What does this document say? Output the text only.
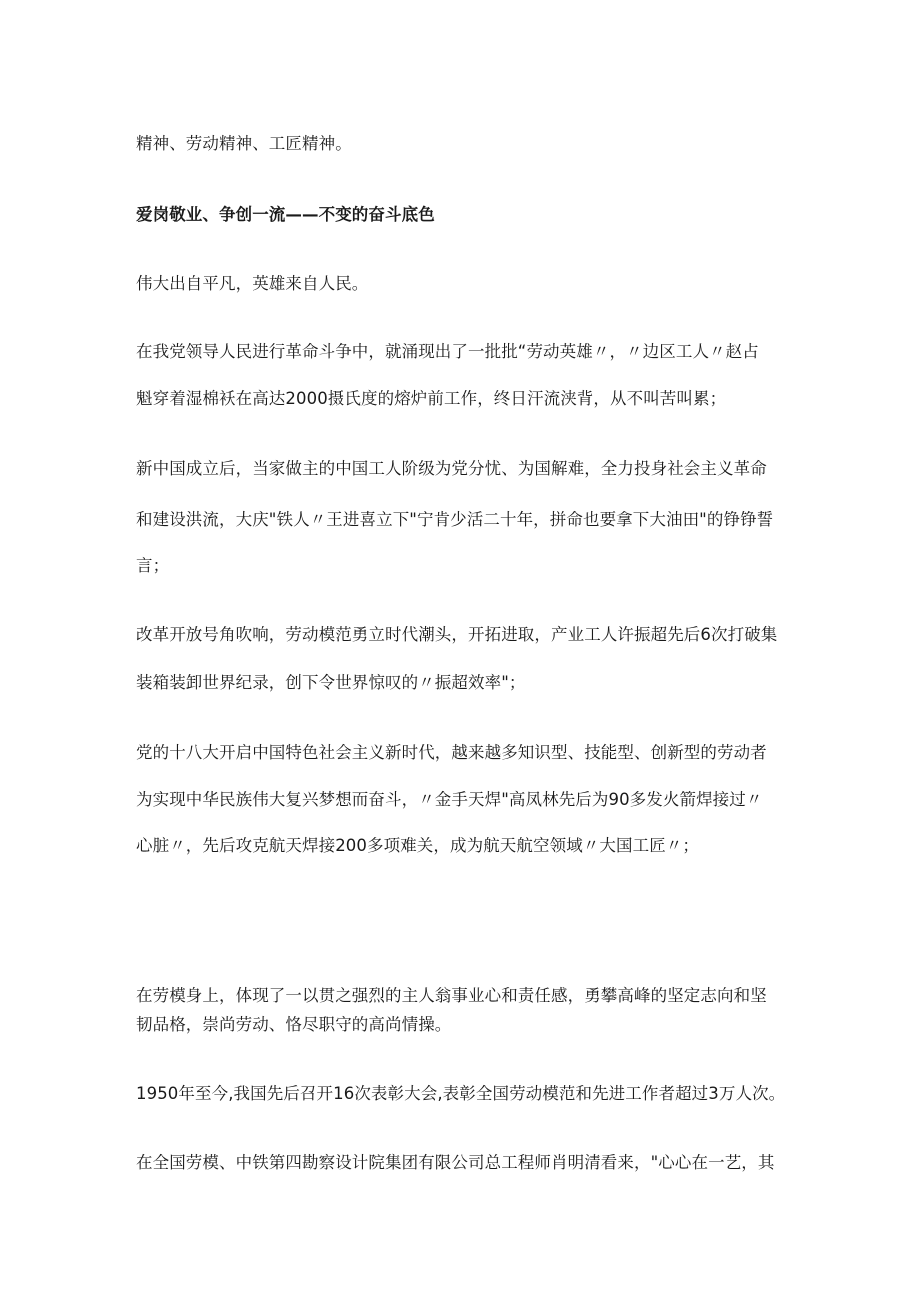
精神、劳动精神、工匠精神。
爱岗敬业、争创一流——不变的奋斗底色
伟大出自平凡，英雄来自人民。
在我党领导人民进行革命斗争中，就涌现出了一批批“劳动英雄〃，〃边区工人〃赵占
魁穿着湿棉袄在高达2000摄氏度的熔炉前工作，终日汗流浃背，从不叫苦叫累；
新中国成立后，当家做主的中国工人阶级为党分忧、为国解难，全力投身社会主义革命
和建设洪流，大庆"铁人〃王进喜立下"宁肯少活二十年，拼命也要拿下大油田"的铮铮誓
言；
改革开放号角吹响，劳动模范勇立时代潮头，开拓进取，产业工人许振超先后6次打破集
装箱装卸世界纪录，创下令世界惊叹的〃振超效率"；
党的十八大开启中国特色社会主义新时代，越来越多知识型、技能型、创新型的劳动者
为实现中华民族伟大复兴梦想而奋斗，〃金手天焊"高凤林先后为90多发火箭焊接过〃
心脏〃，先后攻克航天焊接200多项难关，成为航天航空领域〃大国工匠〃；
在劳模身上，体现了一以贯之强烈的主人翁事业心和责任感，勇攀高峰的坚定志向和坚
韧品格，崇尚劳动、恪尽职守的高尚情操。
1950年至今,我国先后召开16次表彰大会,表彰全国劳动模范和先进工作者超过3万人次。
在全国劳模、中铁第四勘察设计院集团有限公司总工程师肖明清看来，"心心在一艺，其
